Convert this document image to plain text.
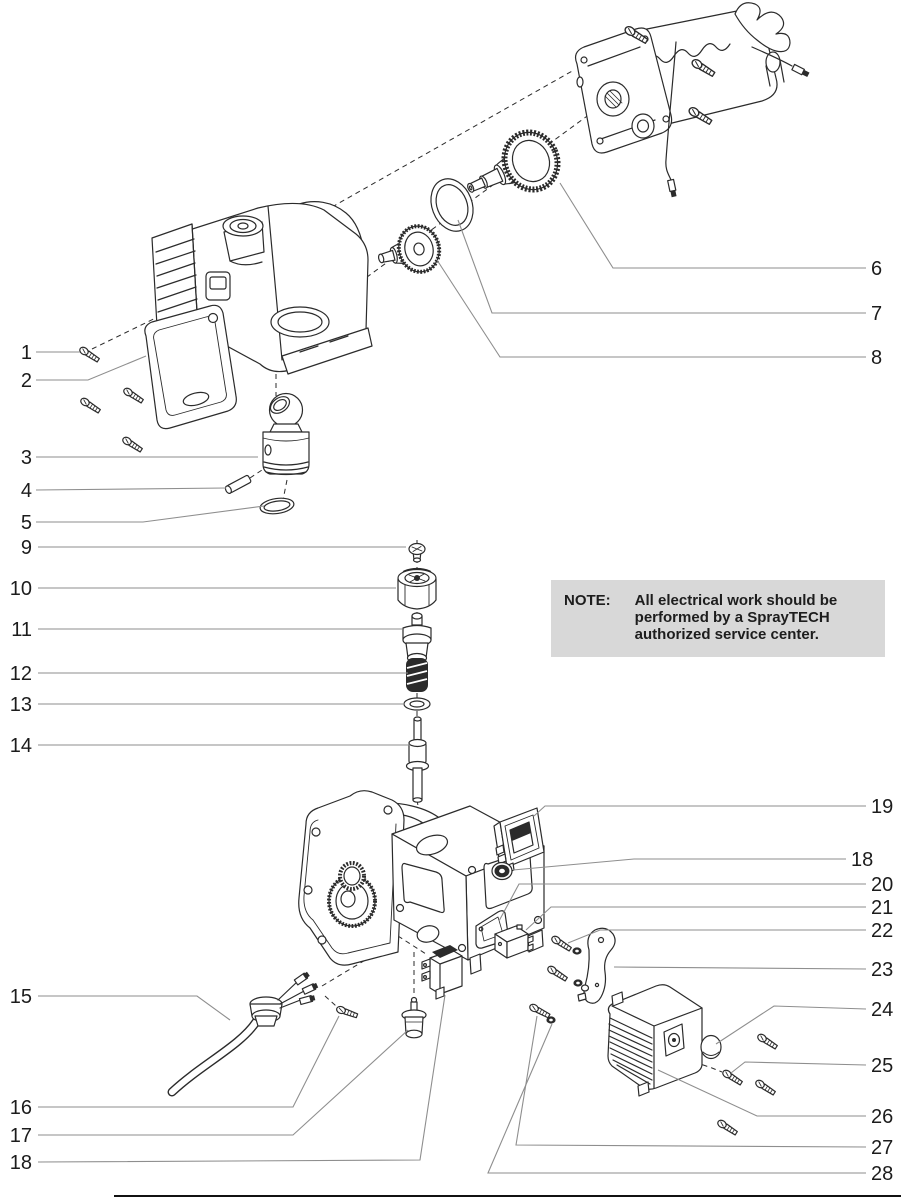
1
2
3
4
5
6
7
8
9
10
11
12
13
14
15
16
17
18
19
18
20
21
22
23
24
25
26
27
28
NOTE: All electrical work should be
performed by a SprayTECH
authorized service center.
